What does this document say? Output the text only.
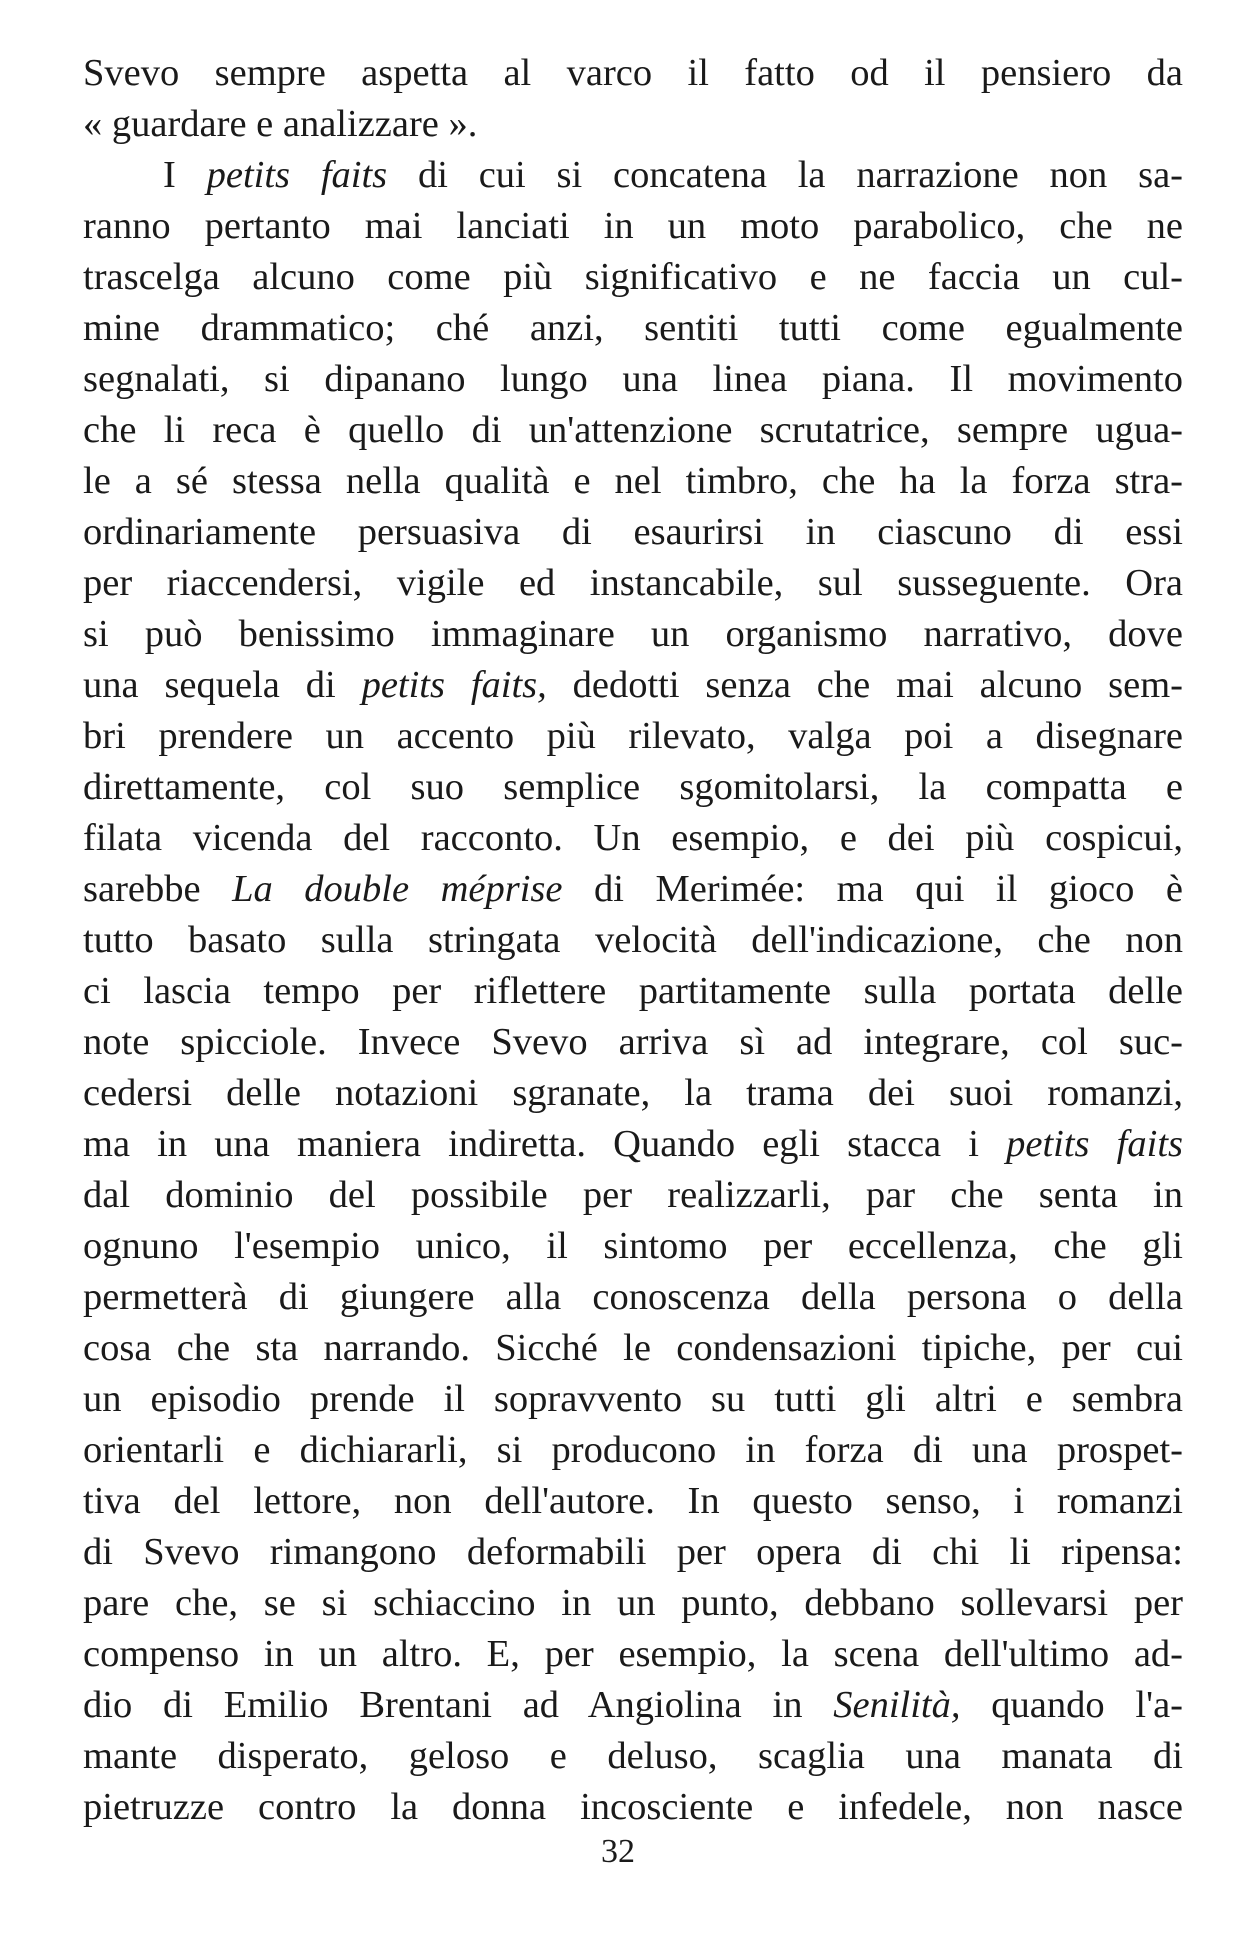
Svevo sempre aspetta al varco il fatto od il pensiero da
« guardare e analizzare ».
I petits faits di cui si concatena la narrazione non sa-
ranno pertanto mai lanciati in un moto parabolico, che ne
trascelga alcuno come più significativo e ne faccia un cul-
mine drammatico; ché anzi, sentiti tutti come egualmente
segnalati, si dipanano lungo una linea piana. Il movimento
che li reca è quello di un'attenzione scrutatrice, sempre ugua-
le a sé stessa nella qualità e nel timbro, che ha la forza stra-
ordinariamente persuasiva di esaurirsi in ciascuno di essi
per riaccendersi, vigile ed instancabile, sul susseguente. Ora
si può benissimo immaginare un organismo narrativo, dove
una sequela di petits faits, dedotti senza che mai alcuno sem-
bri prendere un accento più rilevato, valga poi a disegnare
direttamente, col suo semplice sgomitolarsi, la compatta e
filata vicenda del racconto. Un esempio, e dei più cospicui,
sarebbe La double méprise di Merimée: ma qui il gioco è
tutto basato sulla stringata velocità dell'indicazione, che non
ci lascia tempo per riflettere partitamente sulla portata delle
note spicciole. Invece Svevo arriva sì ad integrare, col suc-
cedersi delle notazioni sgranate, la trama dei suoi romanzi,
ma in una maniera indiretta. Quando egli stacca i petits faits
dal dominio del possibile per realizzarli, par che senta in
ognuno l'esempio unico, il sintomo per eccellenza, che gli
permetterà di giungere alla conoscenza della persona o della
cosa che sta narrando. Sicché le condensazioni tipiche, per cui
un episodio prende il sopravvento su tutti gli altri e sembra
orientarli e dichiararli, si producono in forza di una prospet-
tiva del lettore, non dell'autore. In questo senso, i romanzi
di Svevo rimangono deformabili per opera di chi li ripensa:
pare che, se si schiaccino in un punto, debbano sollevarsi per
compenso in un altro. E, per esempio, la scena dell'ultimo ad-
dio di Emilio Brentani ad Angiolina in Senilità, quando l'a-
mante disperato, geloso e deluso, scaglia una manata di
pietruzze contro la donna incosciente e infedele, non nasce
32
